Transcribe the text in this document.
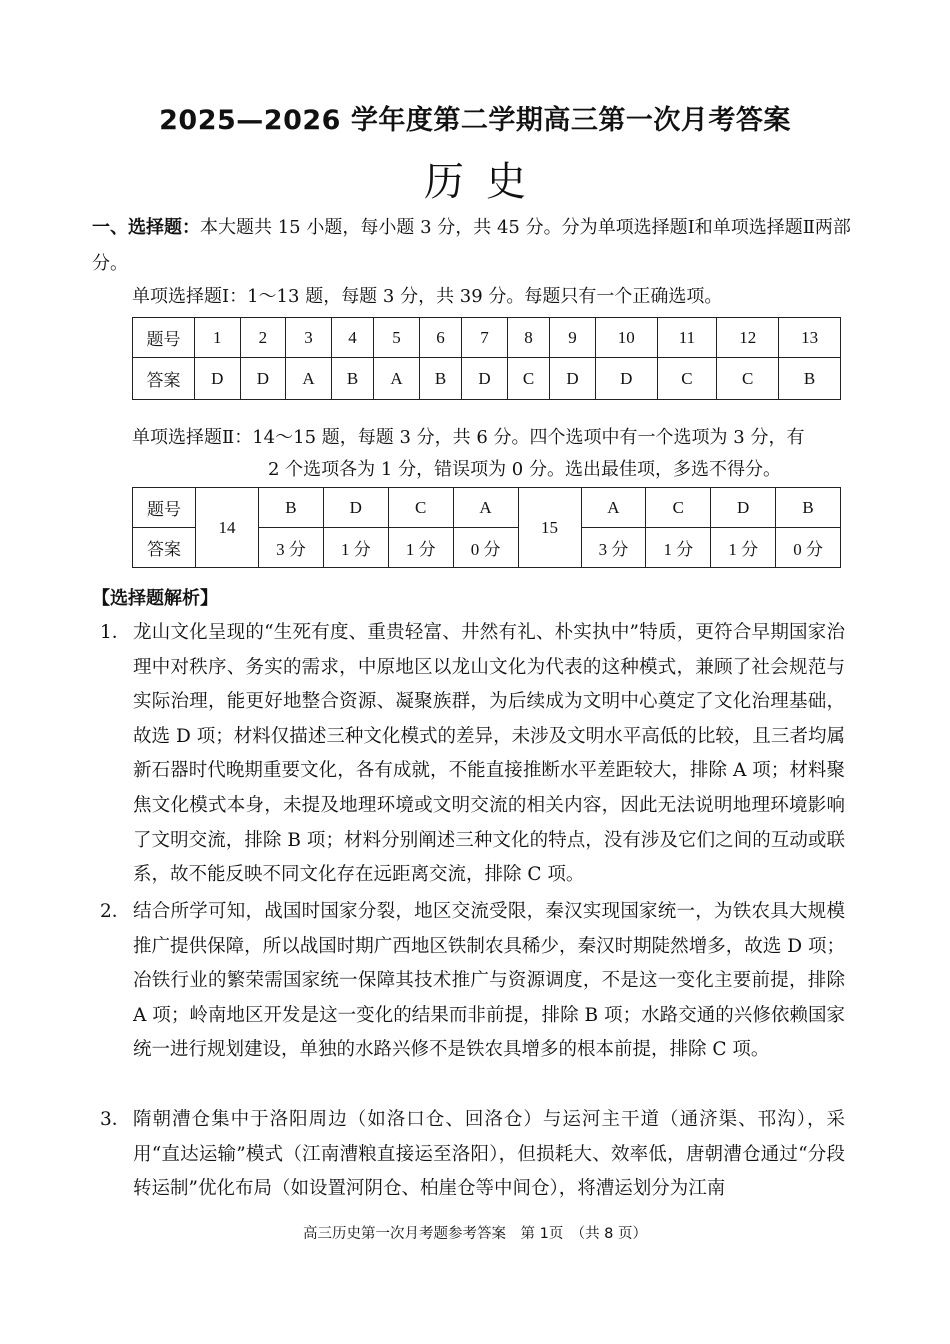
2025—2026 学年度第二学期高三第一次月考答案
历史
一、选择题：本大题共 15 小题，每小题 3 分，共 45 分。分为单项选择题Ⅰ和单项选择题Ⅱ两部分。
单项选择题Ⅰ：1～13 题，每题 3 分，共 39 分。每题只有一个正确选项。
题号	1	2	3	4	5	6	7	8	9	10	11	12	13
答案	D	D	A	B	A	B	D	C	D	D	C	C	B
单项选择题Ⅱ：14～15 题，每题 3 分，共 6 分。四个选项中有一个选项为 3 分，有
2 个选项各为 1 分，错误项为 0 分。选出最佳项，多选不得分。
题号	14	B	D	C	A	15	A	C	D	B
答案		3 分	1 分	1 分	0 分		3 分	1 分	1 分	0 分
【选择题解析】
1． 龙山文化呈现的“生死有度、重贵轻富、井然有礼、朴实执中”特质，更符合早期国家治理中对秩序、务实的需求，中原地区以龙山文化为代表的这种模式，兼顾了社会规范与实际治理，能更好地整合资源、凝聚族群，为后续成为文明中心奠定了文化治理基础，故选 D 项；材料仅描述三种文化模式的差异，未涉及文明水平高低的比较，且三者均属新石器时代晚期重要文化，各有成就，不能直接推断水平差距较大，排除 A 项；材料聚焦文化模式本身，未提及地理环境或文明交流的相关内容，因此无法说明地理环境影响了文明交流，排除 B 项；材料分别阐述三种文化的特点，没有涉及它们之间的互动或联系，故不能反映不同文化存在远距离交流，排除 C 项。
2． 结合所学可知，战国时国家分裂，地区交流受限，秦汉实现国家统一，为铁农具大规模推广提供保障，所以战国时期广西地区铁制农具稀少，秦汉时期陡然增多，故选 D 项；冶铁行业的繁荣需国家统一保障其技术推广与资源调度，不是这一变化主要前提，排除 A 项；岭南地区开发是这一变化的结果而非前提，排除 B 项；水路交通的兴修依赖国家统一进行规划建设，单独的水路兴修不是铁农具增多的根本前提，排除 C 项。
3． 隋朝漕仓集中于洛阳周边（如洛口仓、回洛仓）与运河主干道（通济渠、邗沟），采用“直达运输”模式（江南漕粮直接运至洛阳），但损耗大、效率低，唐朝漕仓通过“分段转运制”优化布局（如设置河阴仓、柏崖仓等中间仓），将漕运划分为江南
高三历史第一次月考题参考答案　第 1页　（共 8 页）
